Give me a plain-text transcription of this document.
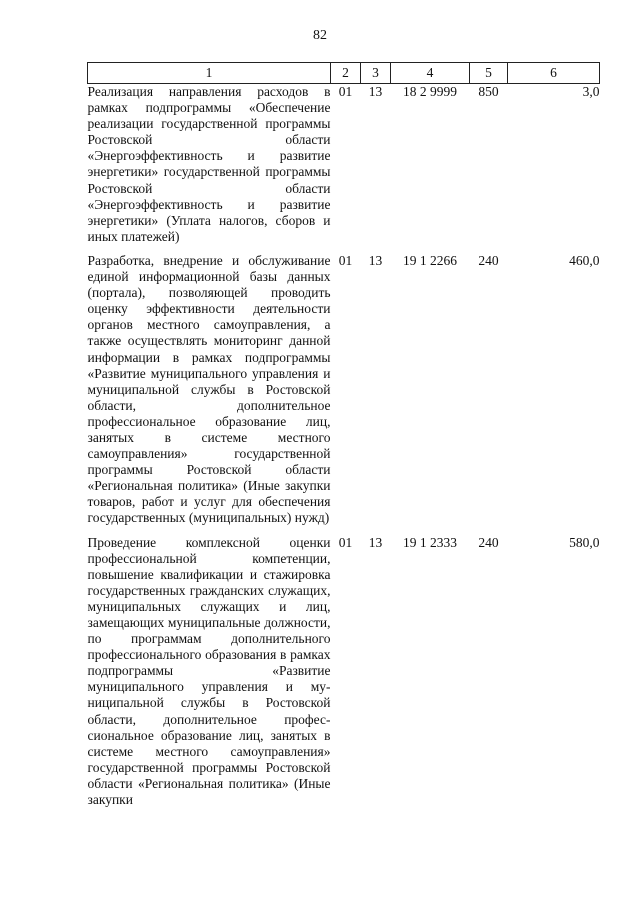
82
1	2	3	4	5	6
Реализация направления расходов в рамках подпрограммы «Обеспечение реализации государственной программы Ростовской области «Энергоэффективность и развитие энергетики» государственной программы Ростовской области «Энергоэффективность и развитие энергетики» (Уплата налогов, сборов и иных платежей)	01	13	18 2 9999	850	3,0
Разработка, внедрение и обслуживание единой информационной базы данных (портала), позволяющей проводить оценку эффективности деятельности органов местного самоуправления, а также осуществлять мониторинг данной информации в рамках подпрограммы «Развитие муниципального управления и муниципальной службы в Ростовской области, дополнительное профессиональное образование лиц, занятых в системе местного самоуправления» государственной программы Ростовской области «Региональная политика» (Иные закупки товаров, работ и услуг для обеспечения государственных (муниципальных) нужд)	01	13	19 1 2266	240	460,0
Проведение комплексной оценки профессиональной компетенции, повышение квалификации и стажировка государственных гражданских служащих, муниципальных служащих и лиц, замещающих муниципальные должности, по программам дополнительного профессионального образования в рамках подпрограммы «Развитие муниципального управления и муниципальной службы в Ростовской области, дополнительное профессиональное образование лиц, занятых в системе местного самоуправления» государственной программы Ростовской области «Региональная политика» (Иные закупки	01	13	19 1 2333	240	580,0
